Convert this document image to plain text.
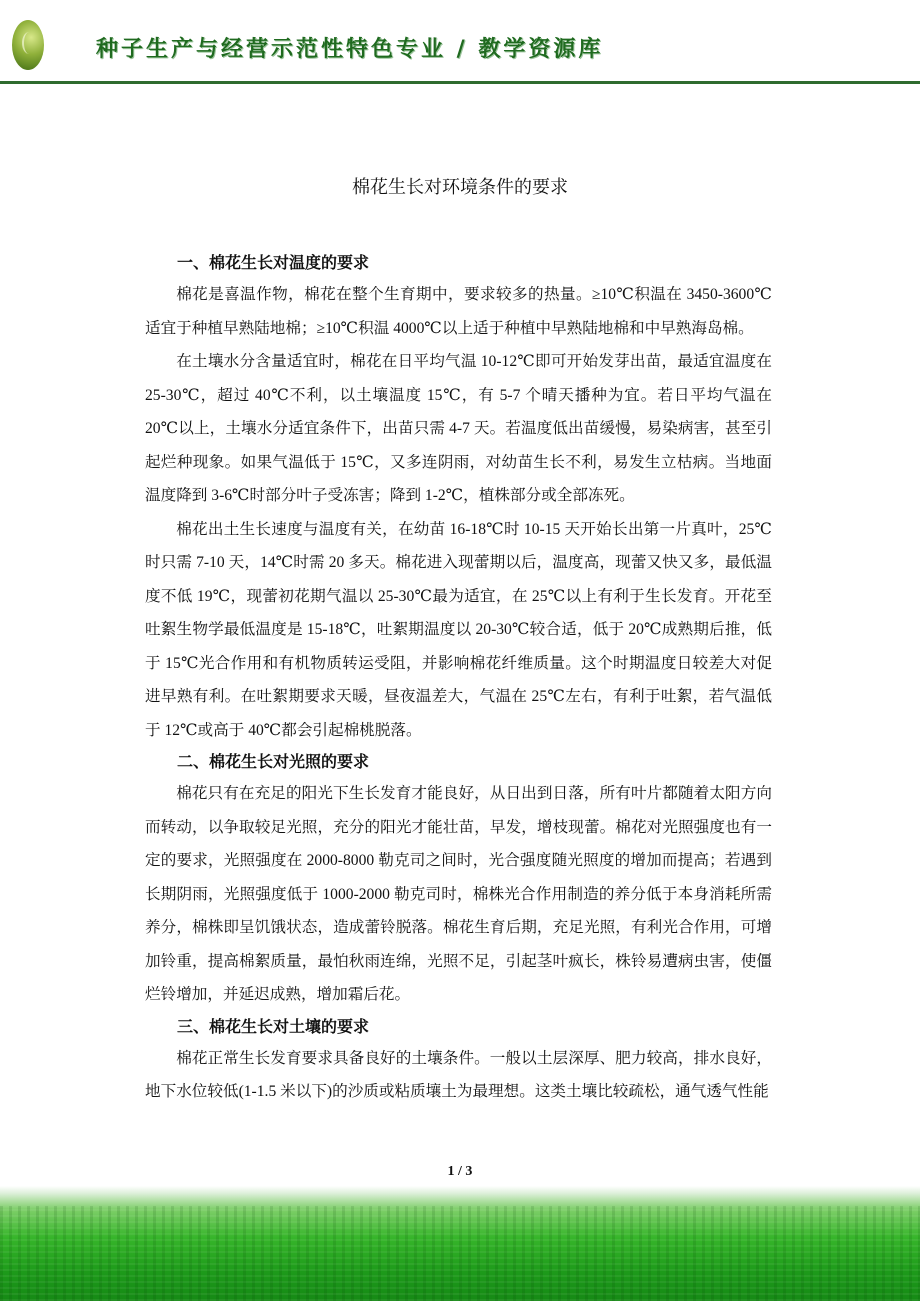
种子生产与经营示范性特色专业 / 教学资源库
棉花生长对环境条件的要求
一、棉花生长对温度的要求

棉花是喜温作物，棉花在整个生育期中，要求较多的热量。≥10℃积温在 3450-3600℃适宜于种植早熟陆地棉；≥10℃积温 4000℃以上适于种植中早熟陆地棉和中早熟海岛棉。

在土壤水分含量适宜时，棉花在日平均气温 10-12℃即可开始发芽出苗，最适宜温度在 25-30℃，超过 40℃不利，以土壤温度 15℃，有 5-7 个晴天播种为宜。若日平均气温在 20℃以上，土壤水分适宜条件下，出苗只需 4-7 天。若温度低出苗缓慢，易染病害，甚至引起烂种现象。如果气温低于 15℃，又多连阴雨，对幼苗生长不利，易发生立枯病。当地面温度降到 3-6℃时部分叶子受冻害；降到 1-2℃，植株部分或全部冻死。

棉花出土生长速度与温度有关，在幼苗 16-18℃时 10-15 天开始长出第一片真叶，25℃时只需 7-10 天，14℃时需 20 多天。棉花进入现蕾期以后，温度高，现蕾又快又多，最低温度不低 19℃，现蕾初花期气温以 25-30℃最为适宜，在 25℃以上有利于生长发育。开花至吐絮生物学最低温度是 15-18℃，吐絮期温度以 20-30℃较合适，低于 20℃成熟期后推，低于 15℃光合作用和有机物质转运受阻，并影响棉花纤维质量。这个时期温度日较差大对促进早熟有利。在吐絮期要求天暖，昼夜温差大，气温在 25℃左右，有利于吐絮，若气温低于 12℃或高于 40℃都会引起棉桃脱落。

二、棉花生长对光照的要求

棉花只有在充足的阳光下生长发育才能良好，从日出到日落，所有叶片都随着太阳方向而转动，以争取较足光照，充分的阳光才能壮苗，早发，增枝现蕾。棉花对光照强度也有一定的要求，光照强度在 2000-8000 勒克司之间时，光合强度随光照度的增加而提高；若遇到长期阴雨，光照强度低于 1000-2000 勒克司时，棉株光合作用制造的养分低于本身消耗所需养分，棉株即呈饥饿状态，造成蕾铃脱落。棉花生育后期，充足光照，有利光合作用，可增加铃重，提高棉絮质量，最怕秋雨连绵，光照不足，引起茎叶疯长，株铃易遭病虫害，使僵烂铃增加，并延迟成熟，增加霜后花。

三、棉花生长对土壤的要求

棉花正常生长发育要求具备良好的土壤条件。一般以土层深厚、肥力较高，排水良好，地下水位较低(1-1.5 米以下)的沙质或粘质壤土为最理想。这类土壤比较疏松，通气透气性能

1 / 3
